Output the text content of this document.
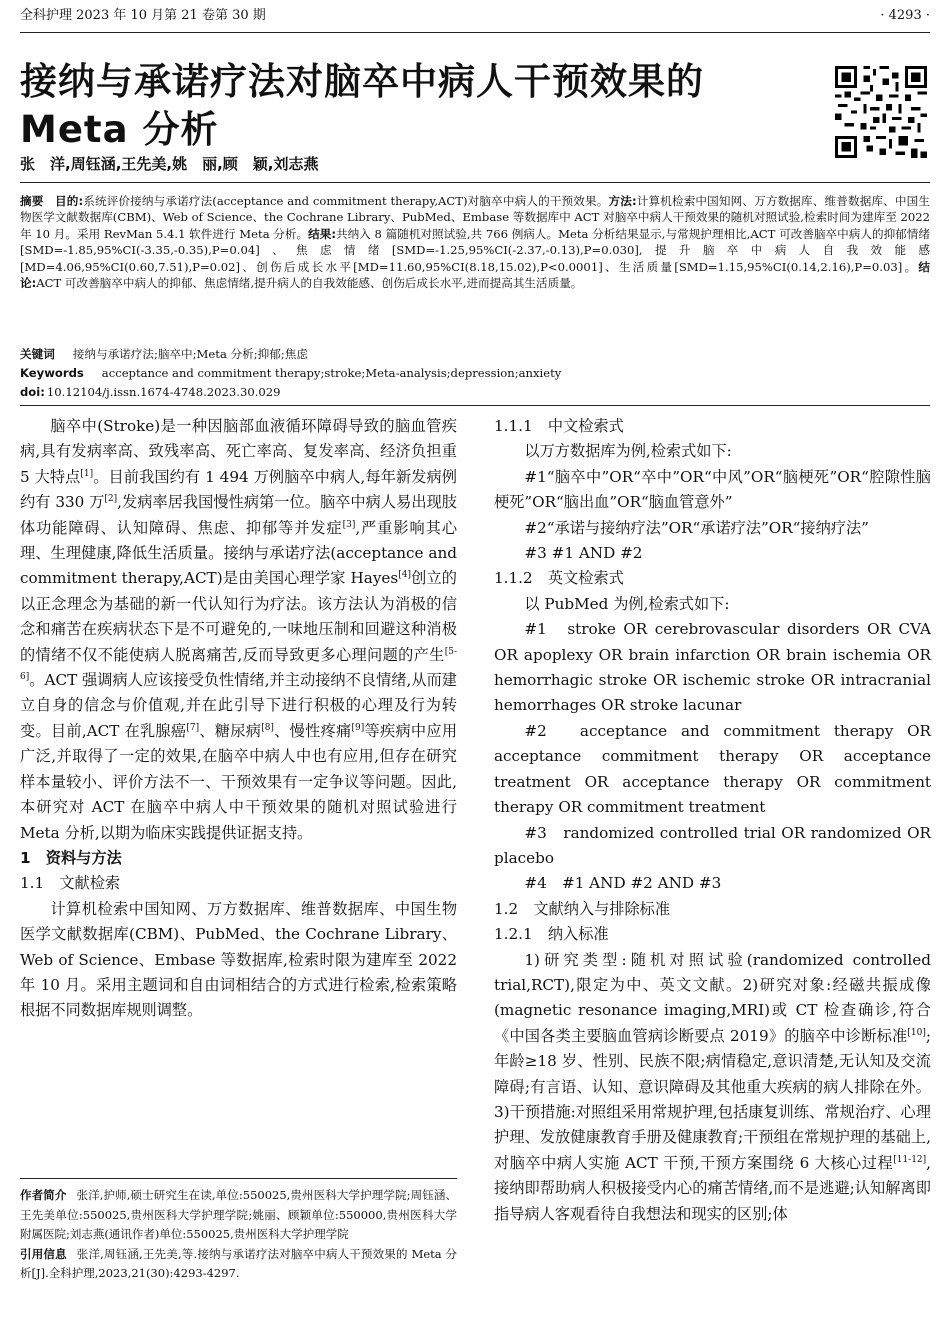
全科护理 2023 年 10 月第 21 卷第 30 期	· 4293 ·
接纳与承诺疗法对脑卒中病人干预效果的
Meta 分析
张　洋,周钰涵,王先美,姚　丽,顾　颖,刘志燕
摘要 目的:系统评价接纳与承诺疗法(acceptance and commitment therapy,ACT)对脑卒中病人的干预效果。方法:计算机检索中国知网、万方数据库、维普数据库、中国生物医学文献数据库(CBM)、Web of Science、the Cochrane Library、PubMed、Embase 等数据库中 ACT 对脑卒中病人干预效果的随机对照试验,检索时间为建库至 2022 年 10 月。采用 RevMan 5.4.1 软件进行 Meta 分析。结果:共纳入 8 篇随机对照试验,共 766 例病人。Meta 分析结果显示,与常规护理相比,ACT 可改善脑卒中病人的抑郁情绪[SMD=-1.85,95%CI(-3.35,-0.35),P=0.04]、焦虑情绪[SMD=-1.25,95%CI(-2.37,-0.13),P=0.030],提升脑卒中病人自我效能感[MD=4.06,95%CI(0.60,7.51),P=0.02]、创伤后成长水平[MD=11.60,95%CI(8.18,15.02),P<0.0001]、生活质量[SMD=1.15,95%CI(0.14,2.16),P=0.03]。结论:ACT 可改善脑卒中病人的抑郁、焦虑情绪,提升病人的自我效能感、创伤后成长水平,进而提高其生活质量。
关键词 接纳与承诺疗法;脑卒中;Meta 分析;抑郁;焦虑
Keywords acceptance and commitment therapy;stroke;Meta-analysis;depression;anxiety
doi: 10.12104/j.issn.1674-4748.2023.30.029

脑卒中(Stroke)是一种因脑部血液循环障碍导致的脑血管疾病,具有发病率高、致残率高、死亡率高、复发率高、经济负担重 5 大特点[1]。目前我国约有 1 494 万例脑卒中病人,每年新发病例约有 330 万[2],发病率居我国慢性病第一位。脑卒中病人易出现肢体功能障碍、认知障碍、焦虑、抑郁等并发症[3],严重影响其心理、生理健康,降低生活质量。接纳与承诺疗法(acceptance and commitment therapy,ACT)是由美国心理学家 Hayes[4]创立的以正念理念为基础的新一代认知行为疗法。该方法认为消极的信念和痛苦在疾病状态下是不可避免的,一味地压制和回避这种消极的情绪不仅不能使病人脱离痛苦,反而导致更多心理问题的产生[5-6]。ACT 强调病人应该接受负性情绪,并主动接纳不良情绪,从而建立自身的信念与价值观,并在此引导下进行积极的心理及行为转变。目前,ACT 在乳腺癌[7]、糖尿病[8]、慢性疼痛[9]等疾病中应用广泛,并取得了一定的效果,在脑卒中病人中也有应用,但存在研究样本量较小、评价方法不一、干预效果有一定争议等问题。因此,本研究对 ACT 在脑卒中病人中干预效果的随机对照试验进行 Meta 分析,以期为临床实践提供证据支持。

1　资料与方法

1.1　文献检索

计算机检索中国知网、万方数据库、维普数据库、中国生物医学文献数据库(CBM)、PubMed、the Cochrane Library、Web of Science、Embase 等数据库,检索时限为建库至 2022 年 10 月。采用主题词和自由词相结合的方式进行检索,检索策略根据不同数据库规则调整。

作者简介 张洋,护师,硕士研究生在读,单位:550025,贵州医科大学护理学院;周钰涵、王先美单位:550025,贵州医科大学护理学院;姚丽、顾颖单位:550000,贵州医科大学附属医院;刘志燕(通讯作者)单位:550025,贵州医科大学护理学院

引用信息 张洋,周钰涵,王先美,等.接纳与承诺疗法对脑卒中病人干预效果的 Meta 分析[J].全科护理,2023,21(30):4293-4297.

1.1.1　中文检索式

以万方数据库为例,检索式如下:

#1“脑卒中”OR“卒中”OR“中风”OR“脑梗死”OR“腔隙性脑梗死”OR“脑出血”OR“脑血管意外”

#2“承诺与接纳疗法”OR“承诺疗法”OR“接纳疗法”

#3 #1 AND #2

1.1.2　英文检索式

以 PubMed 为例,检索式如下:

#1　stroke OR cerebrovascular disorders OR CVA OR apoplexy OR brain infarction OR brain ischemia OR hemorrhagic stroke OR ischemic stroke OR intracranial hemorrhages OR stroke lacunar

#2　acceptance and commitment therapy OR acceptance commitment therapy OR acceptance treatment OR acceptance therapy OR commitment therapy OR commitment treatment

#3　randomized controlled trial OR randomized OR placebo

#4　#1 AND #2 AND #3

1.2　文献纳入与排除标准

1.2.1　纳入标准

1)研究类型:随机对照试验(randomized controlled trial,RCT),限定为中、英文文献。2)研究对象:经磁共振成像(magnetic resonance imaging,MRI)或 CT 检查确诊,符合《中国各类主要脑血管病诊断要点 2019》的脑卒中诊断标准[10];年龄≥18 岁、性别、民族不限;病情稳定,意识清楚,无认知及交流障碍;有言语、认知、意识障碍及其他重大疾病的病人排除在外。3)干预措施:对照组采用常规护理,包括康复训练、常规治疗、心理护理、发放健康教育手册及健康教育;干预组在常规护理的基础上,对脑卒中病人实施 ACT 干预,干预方案围绕 6 大核心过程[11-12],接纳即帮助病人积极接受内心的痛苦情绪,而不是逃避;认知解离即指导病人客观看待自我想法和现实的区别;体
